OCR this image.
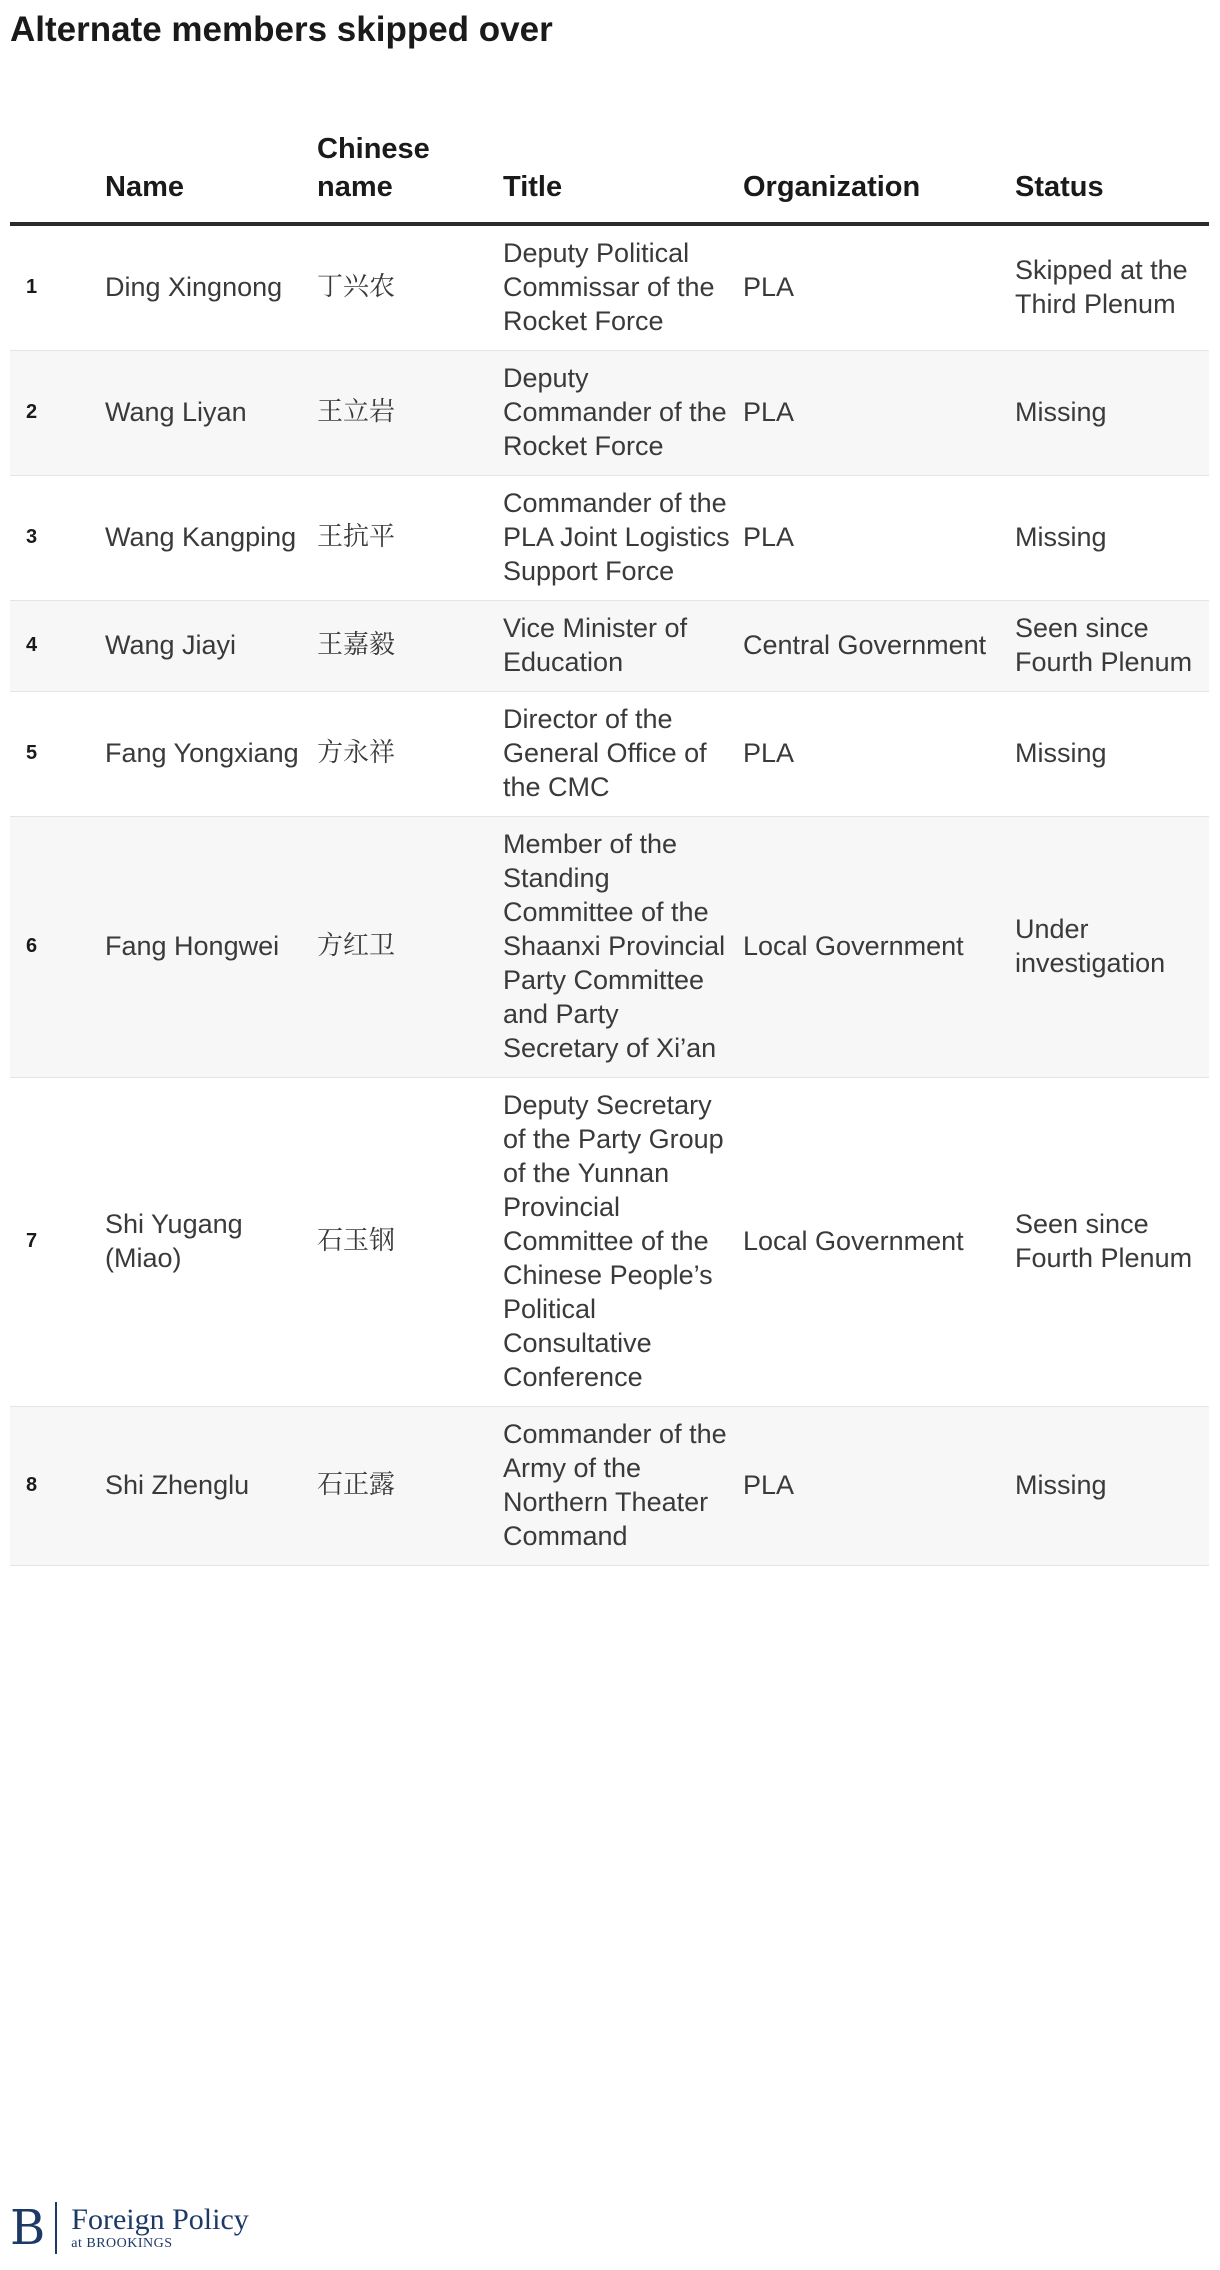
Alternate members skipped over
	Name	Chinese name	Title	Organization	Status
1	Ding Xingnong	丁兴农	Deputy Political Commissar of the Rocket Force	PLA	Skipped at the Third Plenum
2	Wang Liyan	王立岩	Deputy Commander of the Rocket Force	PLA	Missing
3	Wang Kangping	王抗平	Commander of the PLA Joint Logistics Support Force	PLA	Missing
4	Wang Jiayi	王嘉毅	Vice Minister of Education	Central Government	Seen since Fourth Plenum
5	Fang Yongxiang	方永祥	Director of the General Office of the CMC	PLA	Missing
6	Fang Hongwei	方红卫	Member of the Standing Committee of the Shaanxi Provincial Party Committee and Party Secretary of Xi’an	Local Government	Under investigation
7	Shi Yugang (Miao)	石玉钢	Deputy Secretary of the Party Group of the Yunnan Provincial Committee of the Chinese People’s Political Consultative Conference	Local Government	Seen since Fourth Plenum
8	Shi Zhenglu	石正露	Commander of the Army of the Northern Theater Command	PLA	Missing
B Foreign Policy
at BROOKINGS
